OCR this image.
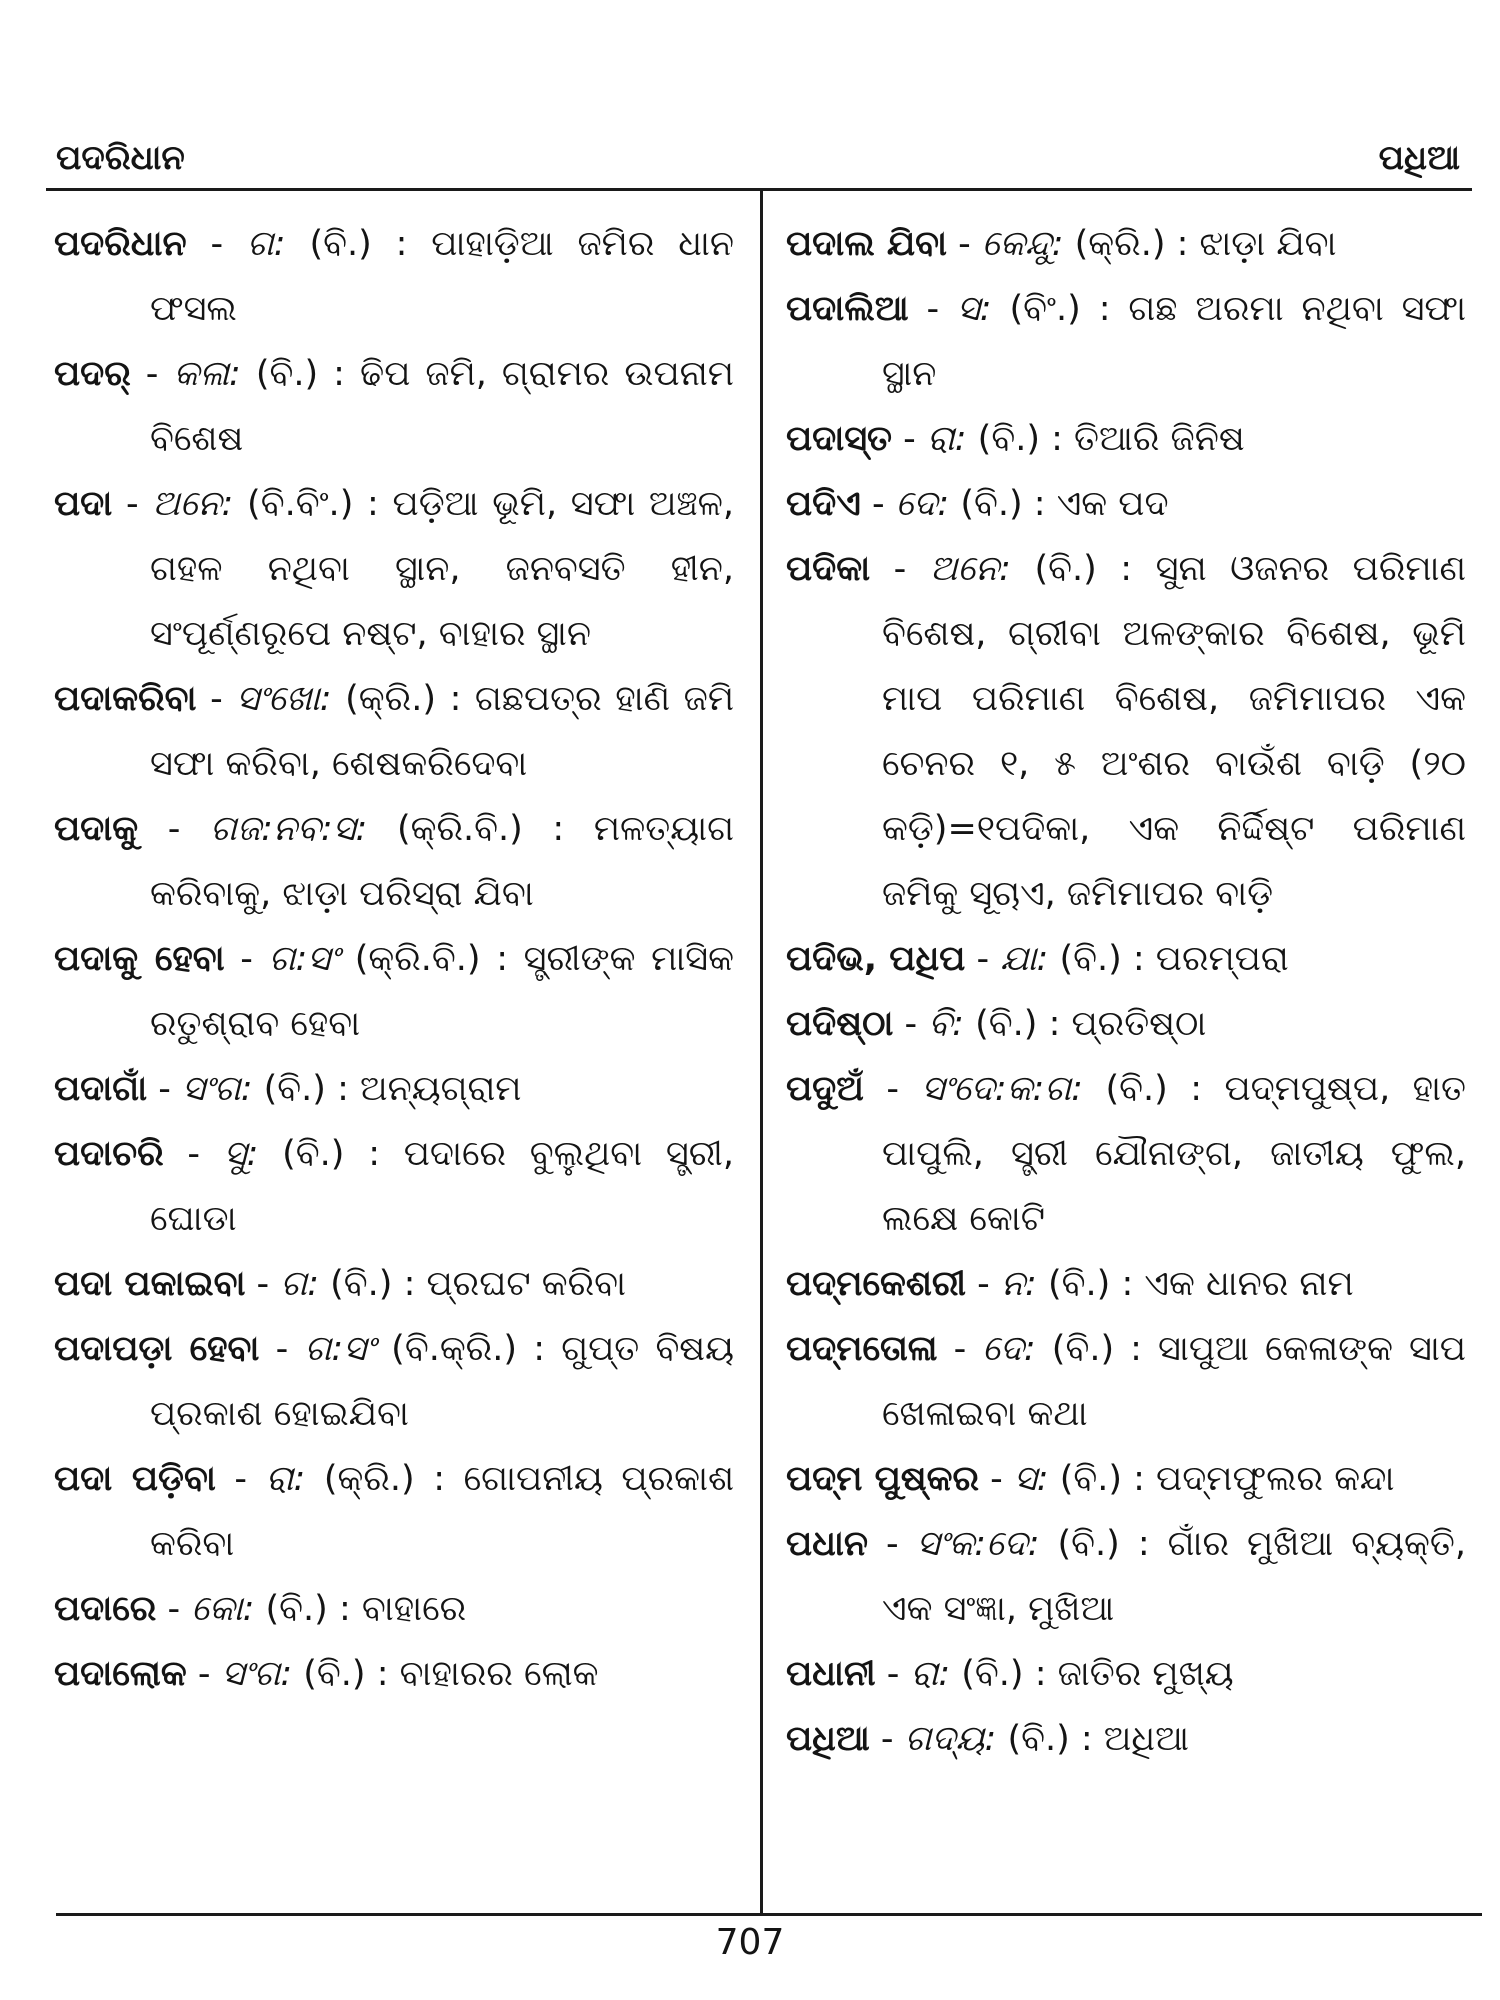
ପଦରିଧାନ	ପଧିଆ

ପଦରିଧାନ - ଗ: (ବି.) : ପାହାଡ଼ିଆ ଜମିର ଧାନ ଫସଲ

ପଦର୍ - କଳା: (ବି.) : ଢିପ ଜମି, ଗ୍ରାମର ଉପନାମ ବିଶେଷ

ପଦା - ଅନେ: (ବି.ବିଂ.) : ପଡ଼ିଆ ଭୂମି, ସଫା ଅଞ୍ଚଳ, ଗହଳ ନଥିବା ସ୍ଥାନ, ଜନବସତି ହୀନ, ସଂପୂର୍ଣ୍ଣରୂପେ ନଷ୍ଟ, ବାହାର ସ୍ଥାନ

ପଦାକରିବା - ସଂଖୋ: (କ୍ରି.) : ଗଛପତ୍ର ହାଣି ଜମି ସଫା କରିବା, ଶେଷକରିଦେବା

ପଦାକୁ - ଗଜ:ନବ:ସ: (କ୍ରି.ବି.) : ମଳତ୍ୟାଗ କରିବାକୁ, ଝାଡ଼ା ପରିସ୍ରା ଯିବା

ପଦାକୁ ହେବା - ଗ:ସଂ (କ୍ରି.ବି.) : ସ୍ତ୍ରୀଙ୍କ ମାସିକ ରତୁଶ୍ରାବ ହେବା

ପଦାଗାଁ - ସଂଗ: (ବି.) : ଅନ୍ୟଗ୍ରାମ

ପଦାଚରି - ସୁ: (ବି.) : ପଦାରେ ବୁଲୁଥିବା ସ୍ତ୍ରୀ, ଘୋଡା

ପଦା ପକାଇବା - ଗ: (ବି.) : ପ୍ରଘଟ କରିବା

ପଦାପଡ଼ା ହେବା - ଗ:ସଂ (ବି.କ୍ରି.) : ଗୁପ୍ତ ବିଷୟ ପ୍ରକାଶ ହୋଇଯିବା

ପଦା ପଡ଼ିବା - ରା: (କ୍ରି.) : ଗୋପନୀୟ ପ୍ରକାଶ କରିବା

ପଦାରେ - କୋ: (ବି.) : ବାହାରେ

ପଦାଲୋକ - ସଂଗ: (ବି.) : ବାହାରର ଲୋକ

ପଦାଲ ଯିବା - କେନ୍ଦୁ: (କ୍ରି.) : ଝାଡ଼ା ଯିବା

ପଦାଲିଆ - ସ: (ବିଂ.) : ଗଛ ଅରମା ନଥିବା ସଫା ସ୍ଥାନ

ପଦାସ୍ତ - ରା: (ବି.) : ତିଆରି ଜିନିଷ

ପଦିଏ - ଦେ: (ବି.) : ଏକ ପଦ

ପଦିକା - ଅନେ: (ବି.) : ସୁନା ଓଜନର ପରିମାଣ ବିଶେଷ, ଗ୍ରୀବା ଅଳଙ୍କାର ବିଶେଷ, ଭୂମି ମାପ ପରିମାଣ ବିଶେଷ, ଜମିମାପର ଏକ ଚେନର ୧, ୫ ଅଂଶର ବାଉଁଶ ବାଡ଼ି (୨୦ କଡ଼ି)=୧ପଦିକା, ଏକ ନିର୍ଦ୍ଦିଷ୍ଟ ପରିମାଣ ଜମିକୁ ସୂଚାଏ, ଜମିମାପର ବାଡ଼ି

ପଦିଭ, ପଧିପ - ଯା: (ବି.) : ପରମ୍ପରା

ପଦିଷ୍ଠା - ବି: (ବି.) : ପ୍ରତିଷ୍ଠା

ପଦୁଅଁ - ସଂଦେ:କ:ଗ: (ବି.) : ପଦ୍ମପୁଷ୍ପ, ହାତ ପାପୁଲି, ସ୍ତ୍ରୀ ଯୌନାଙ୍ଗ, ଜାତୀୟ ଫୁଲ, ଲକ୍ଷେ କୋଟି

ପଦ୍ମକେଶରୀ - ନ: (ବି.) : ଏକ ଧାନର ନାମ

ପଦ୍ମତୋଳା - ଦେ: (ବି.) : ସାପୁଆ କେଳାଙ୍କ ସାପ ଖେଳାଇବା କଥା

ପଦ୍ମ ପୁଷ୍କର - ସ: (ବି.) : ପଦ୍ମଫୁଲର କନ୍ଦା

ପଧାନ - ସଂକ:ଦେ: (ବି.) : ଗାଁର ମୁଖିଆ ବ୍ୟକ୍ତି, ଏକ ସଂଜ୍ଞା, ମୁଖିଆ

ପଧାନୀ - ରା: (ବି.) : ଜାତିର ମୁଖ୍ୟ

ପଧିଆ - ଗଦ୍ୟ: (ବି.) : ଅଧିଆ

707
